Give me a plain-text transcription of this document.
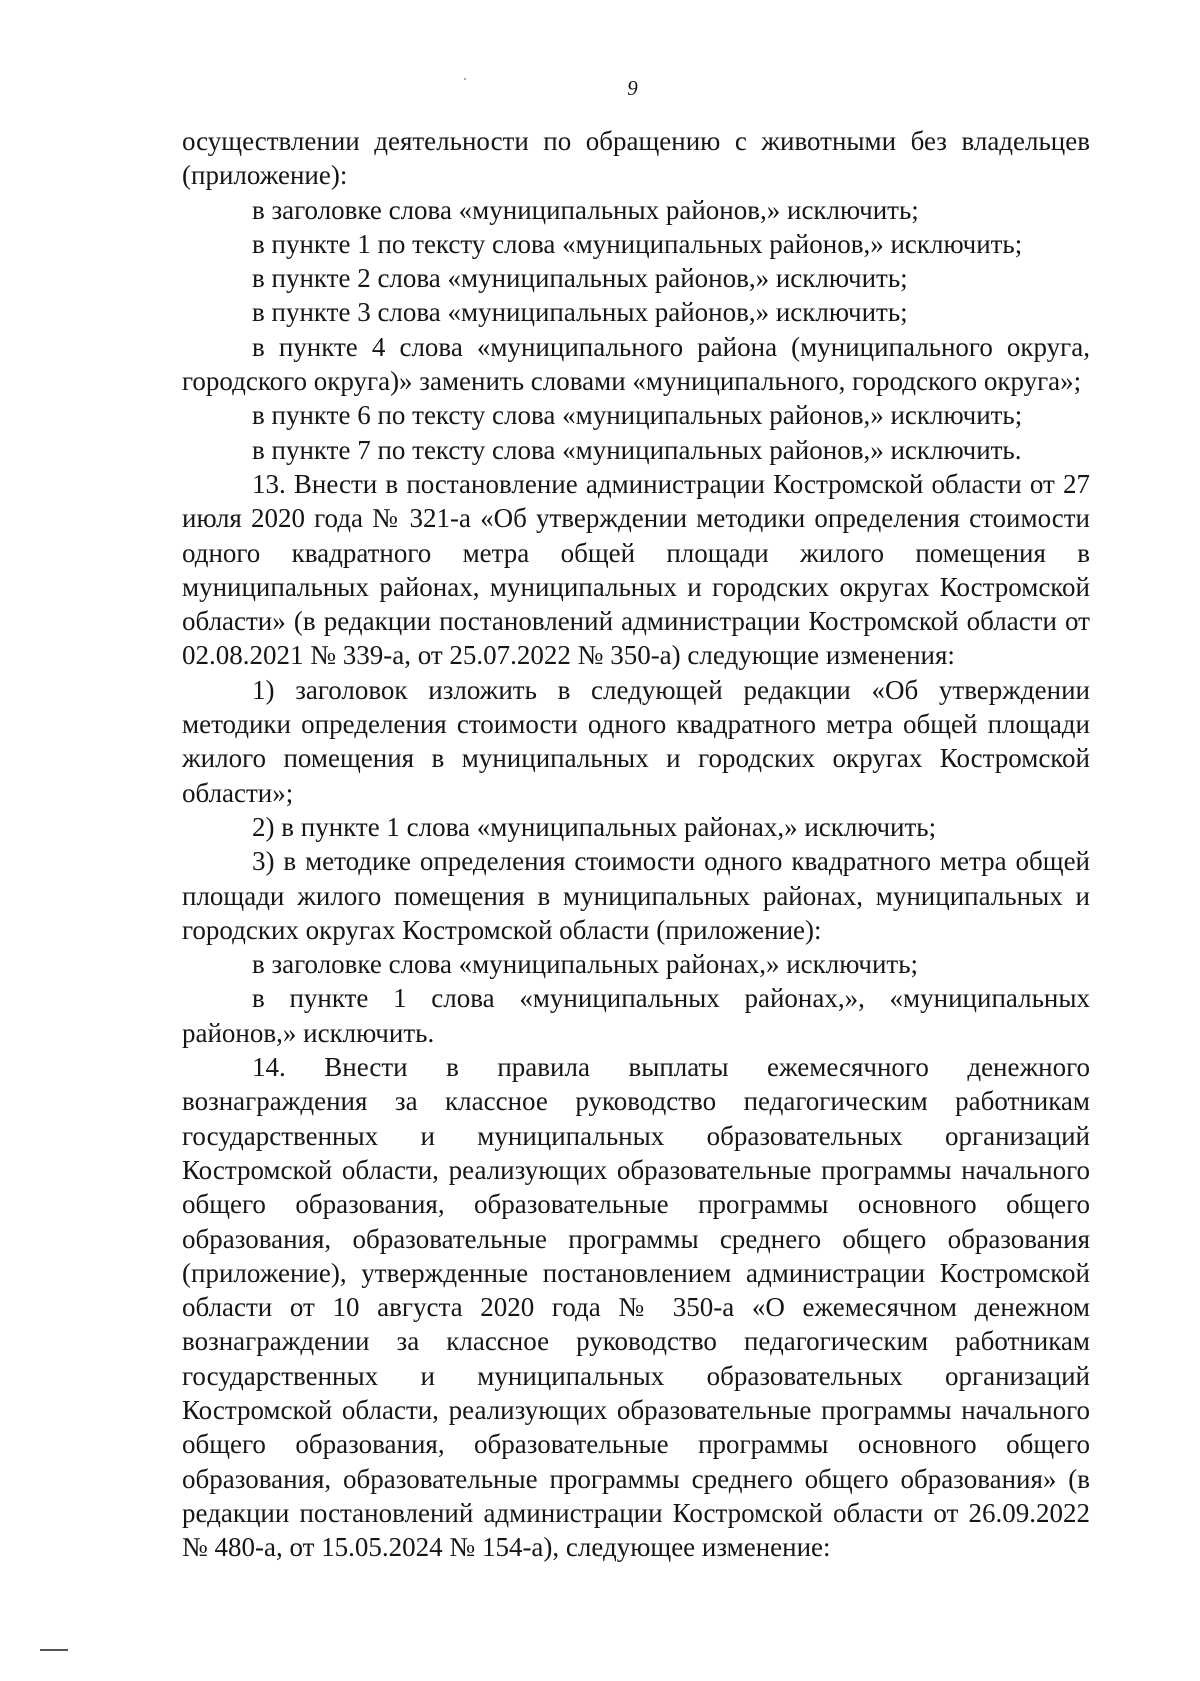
9

осуществлении деятельности по обращению с животными без владельцев (приложение):

в заголовке слова «муниципальных районов,» исключить;

в пункте 1 по тексту слова «муниципальных районов,» исключить;

в пункте 2 слова «муниципальных районов,» исключить;

в пункте 3 слова «муниципальных районов,» исключить;

в пункте 4 слова «муниципального района (муниципального округа, городского округа)» заменить словами «муниципального, городского округа»;

в пункте 6 по тексту слова «муниципальных районов,» исключить;

в пункте 7 по тексту слова «муниципальных районов,» исключить.

13. Внести в постановление администрации Костромской области от 27 июля 2020 года № 321-а «Об утверждении методики определения стоимости одного квадратного метра общей площади жилого помещения в муниципальных районах, муниципальных и городских округах Костромской области» (в редакции постановлений администрации Костромской области от 02.08.2021 № 339-а, от 25.07.2022 № 350-а) следующие изменения:

1) заголовок изложить в следующей редакции «Об утверждении методики определения стоимости одного квадратного метра общей площади жилого помещения в муниципальных и городских округах Костромской области»;

2) в пункте 1 слова «муниципальных районах,» исключить;

3) в методике определения стоимости одного квадратного метра общей площади жилого помещения в муниципальных районах, муниципальных и городских округах Костромской области (приложение):

в заголовке слова «муниципальных районах,» исключить;

в пункте 1 слова «муниципальных районах,», «муниципальных районов,» исключить.

14. Внести в правила выплаты ежемесячного денежного вознаграждения за классное руководство педагогическим работникам государственных и муниципальных образовательных организаций Костромской области, реализующих образовательные программы начального общего образования, образовательные программы основного общего образования, образовательные программы среднего общего образования (приложение), утвержденные постановлением администрации Костромской области от 10 августа 2020 года № 350-а «О ежемесячном денежном вознаграждении за классное руководство педагогическим работникам государственных и муниципальных образовательных организаций Костромской области, реализующих образовательные программы начального общего образования, образовательные программы основного общего образования, образовательные программы среднего общего образования» (в редакции постановлений администрации Костромской области от 26.09.2022 № 480-а, от 15.05.2024 № 154-а), следующее изменение:
